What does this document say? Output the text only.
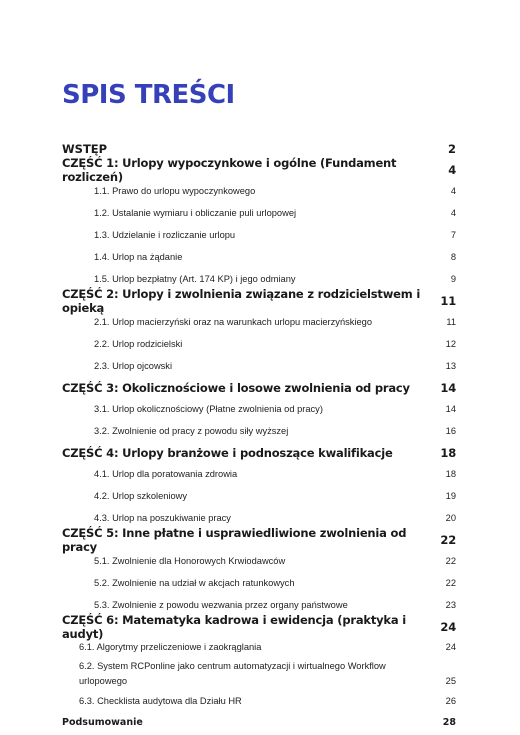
SPIS TREŚCI
WSTĘP	2
CZĘŚĆ 1: Urlopy wypoczynkowe i ogólne (Fundament rozliczeń)	4
1.1. Prawo do urlopu wypoczynkowego	4
1.2. Ustalanie wymiaru i obliczanie puli urlopowej	4
1.3. Udzielanie i rozliczanie urlopu	7
1.4. Urlop na żądanie	8
1.5. Urlop bezpłatny (Art. 174 KP) i jego odmiany	9
CZĘŚĆ 2: Urlopy i zwolnienia związane z rodzicielstwem i opieką	11
2.1. Urlop macierzyński oraz na warunkach urlopu macierzyńskiego	11
2.2. Urlop rodzicielski	12
2.3. Urlop ojcowski	13
CZĘŚĆ 3: Okolicznościowe i losowe zwolnienia od pracy	14
3.1. Urlop okolicznościowy (Płatne zwolnienia od pracy)	14
3.2. Zwolnienie od pracy z powodu siły wyższej	16
CZĘŚĆ 4: Urlopy branżowe i podnoszące kwalifikacje	18
4.1. Urlop dla poratowania zdrowia	18
4.2. Urlop szkoleniowy	19
4.3. Urlop na poszukiwanie pracy	20
CZĘŚĆ 5: Inne płatne i usprawiedliwione zwolnienia od pracy	22
5.1. Zwolnienie dla Honorowych Krwiodawców	22
5.2. Zwolnienie na udział w akcjach ratunkowych	22
5.3. Zwolnienie z powodu wezwania przez organy państwowe	23
CZĘŚĆ 6: Matematyka kadrowa i ewidencja (praktyka i audyt)	24
6.1. Algorytmy przeliczeniowe i zaokrąglania	24
6.2. System RCPonline jako centrum automatyzacji i wirtualnego Workflow urlopowego	25
6.3. Checklista audytowa dla Działu HR	26
Podsumowanie	28
